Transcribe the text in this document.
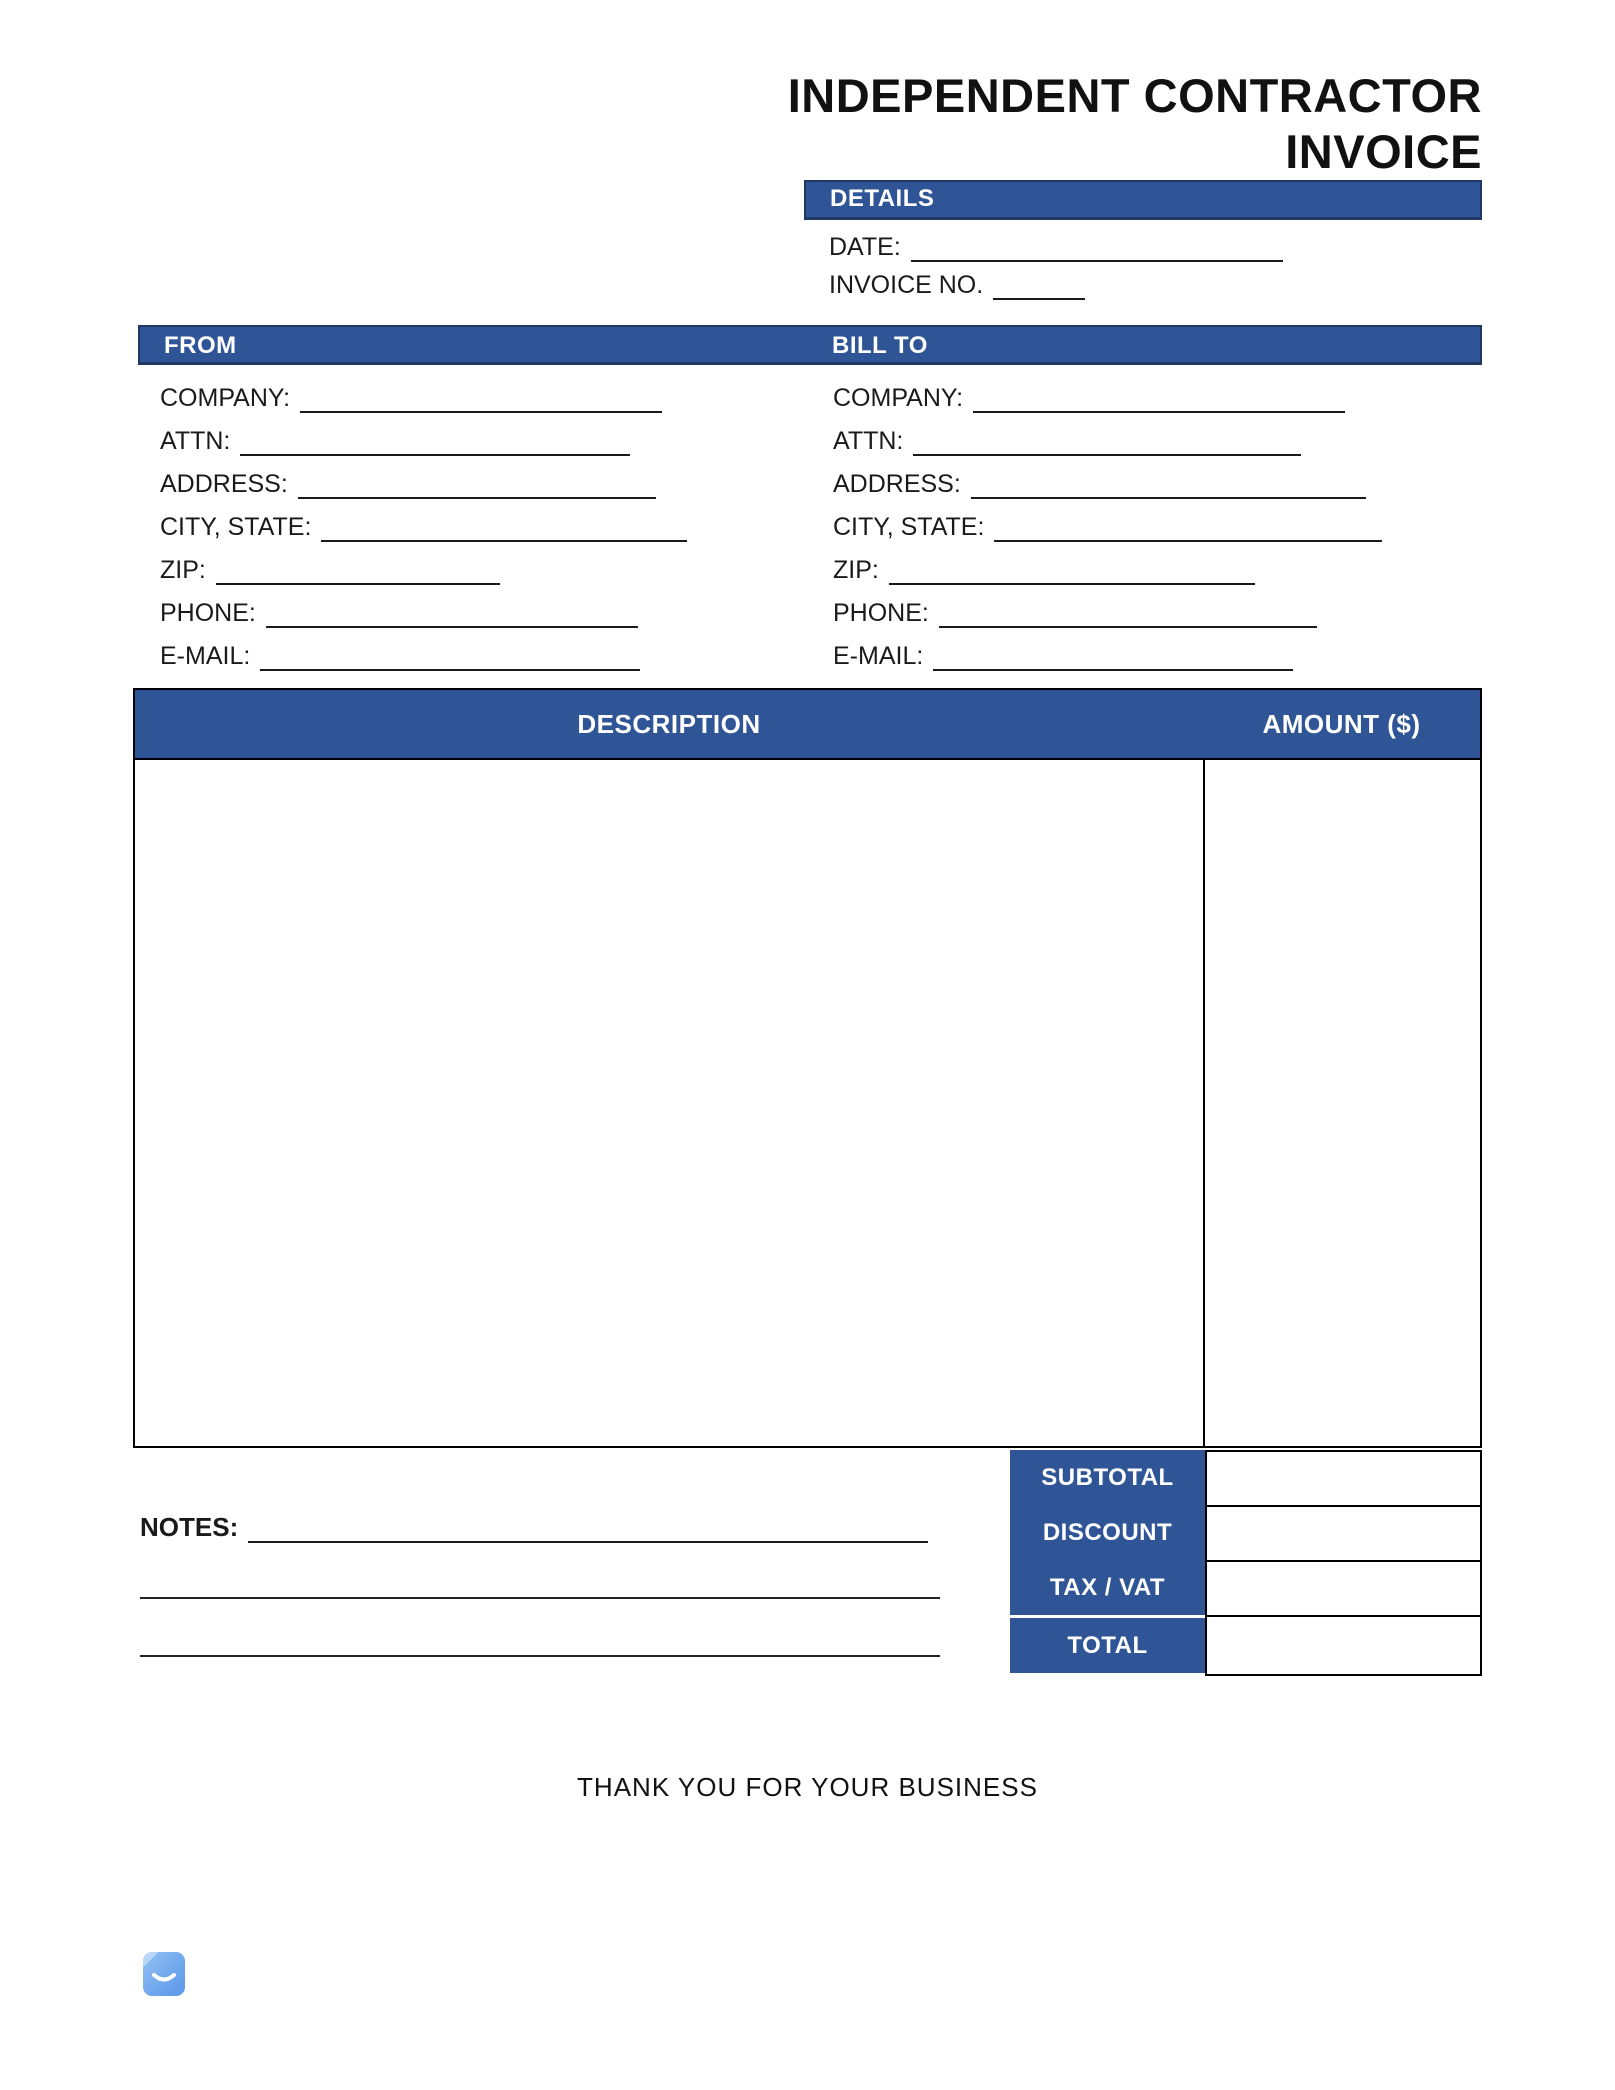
INDEPENDENT CONTRACTOR
INVOICE
DETAILS
DATE:
INVOICE NO.
FROM	BILL TO
COMPANY:
ATTN:
ADDRESS:
CITY, STATE:
ZIP:
PHONE:
E-MAIL:
COMPANY:
ATTN:
ADDRESS:
CITY, STATE:
ZIP:
PHONE:
E-MAIL:
DESCRIPTION	AMOUNT ($)
SUBTOTAL
DISCOUNT
TAX / VAT
TOTAL
NOTES:
THANK YOU FOR YOUR BUSINESS
